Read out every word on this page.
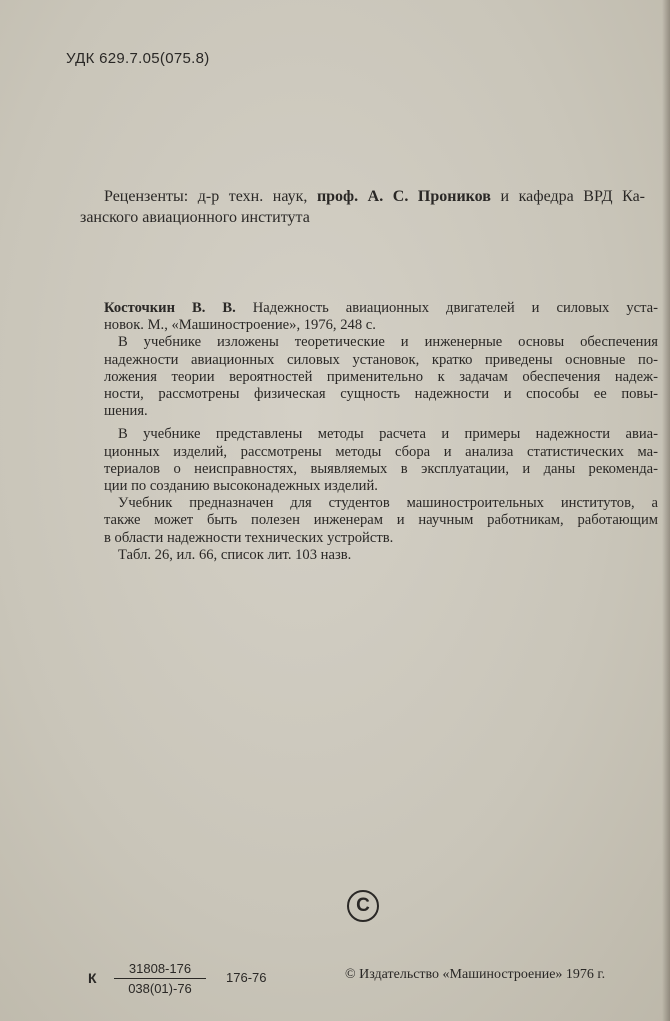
УДК 629.7.05(075.8)
Рецензенты: д-р техн. наук, проф. А. С. Проников и кафедра ВРД Ка-
занского авиационного института
Косточкин В. В. Надежность авиационных двигателей и силовых уста-
новок. М., «Машиностроение», 1976, 248 с.
В учебнике изложены теоретические и инженерные основы обеспечения
надежности авиационных силовых установок, кратко приведены основные по-
ложения теории вероятностей применительно к задачам обеспечения надеж-
ности, рассмотрены физическая сущность надежности и способы ее повы-
шения.
В учебнике представлены методы расчета и примеры надежности авиа-
ционных изделий, рассмотрены методы сбора и анализа статистических ма-
териалов о неисправностях, выявляемых в эксплуатации, и даны рекоменда-
ции по созданию высоконадежных изделий.
Учебник предназначен для студентов машиностроительных институтов, а
также может быть полезен инженерам и научным работникам, работающим
в области надежности технических устройств.
Табл. 26, ил. 66, список лит. 103 назв.
C
К $\frac{31808-176}{038(01)-76} 176-76$	© Издательство «Машиностроение» 1976 г.
